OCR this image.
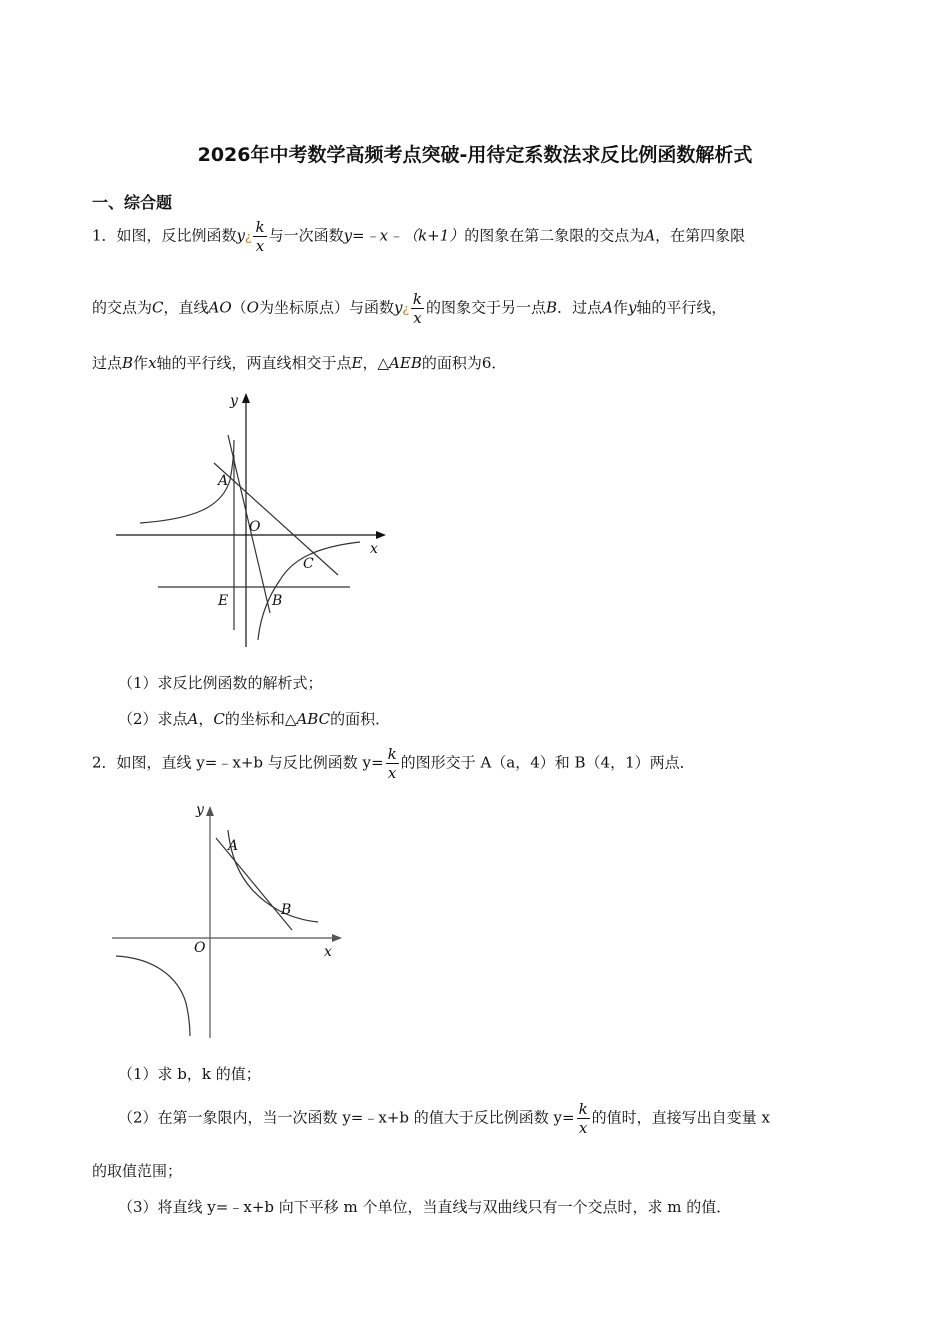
2026年中考数学高频考点突破-用待定系数法求反比例函数解析式
一、综合题
1．如图，反比例函数y¿ $\frac{k}{x}$ 与一次函数y=﹣x﹣（k+1）的图象在第二象限的交点为A，在第四象限
的交点为C，直线AO（O为坐标原点）与函数y¿ $\frac{k}{x}$ 的图象交于另一点B．过点A作y轴的平行线，
过点B作x轴的平行线，两直线相交于点E，△AEB的面积为6．
y
x
A
O
C
E	B
（1）求反比例函数的解析式；
（2）求点A，C的坐标和△ABC的面积．
2．如图，直线 y=﹣x+b 与反比例函数 $y= \frac{k}{x}$ 的图形交于 A（a，4）和 B（4，1）两点．
y
x
A
B
O
（1）求 b，k 的值；
（2）在第一象限内，当一次函数 y=﹣x+b 的值大于反比例函数 $y= \frac{k}{x}$ 的值时，直接写出自变量 x
的取值范围；
（3）将直线 y=﹣x+b 向下平移 m 个单位，当直线与双曲线只有一个交点时，求 m 的值．
